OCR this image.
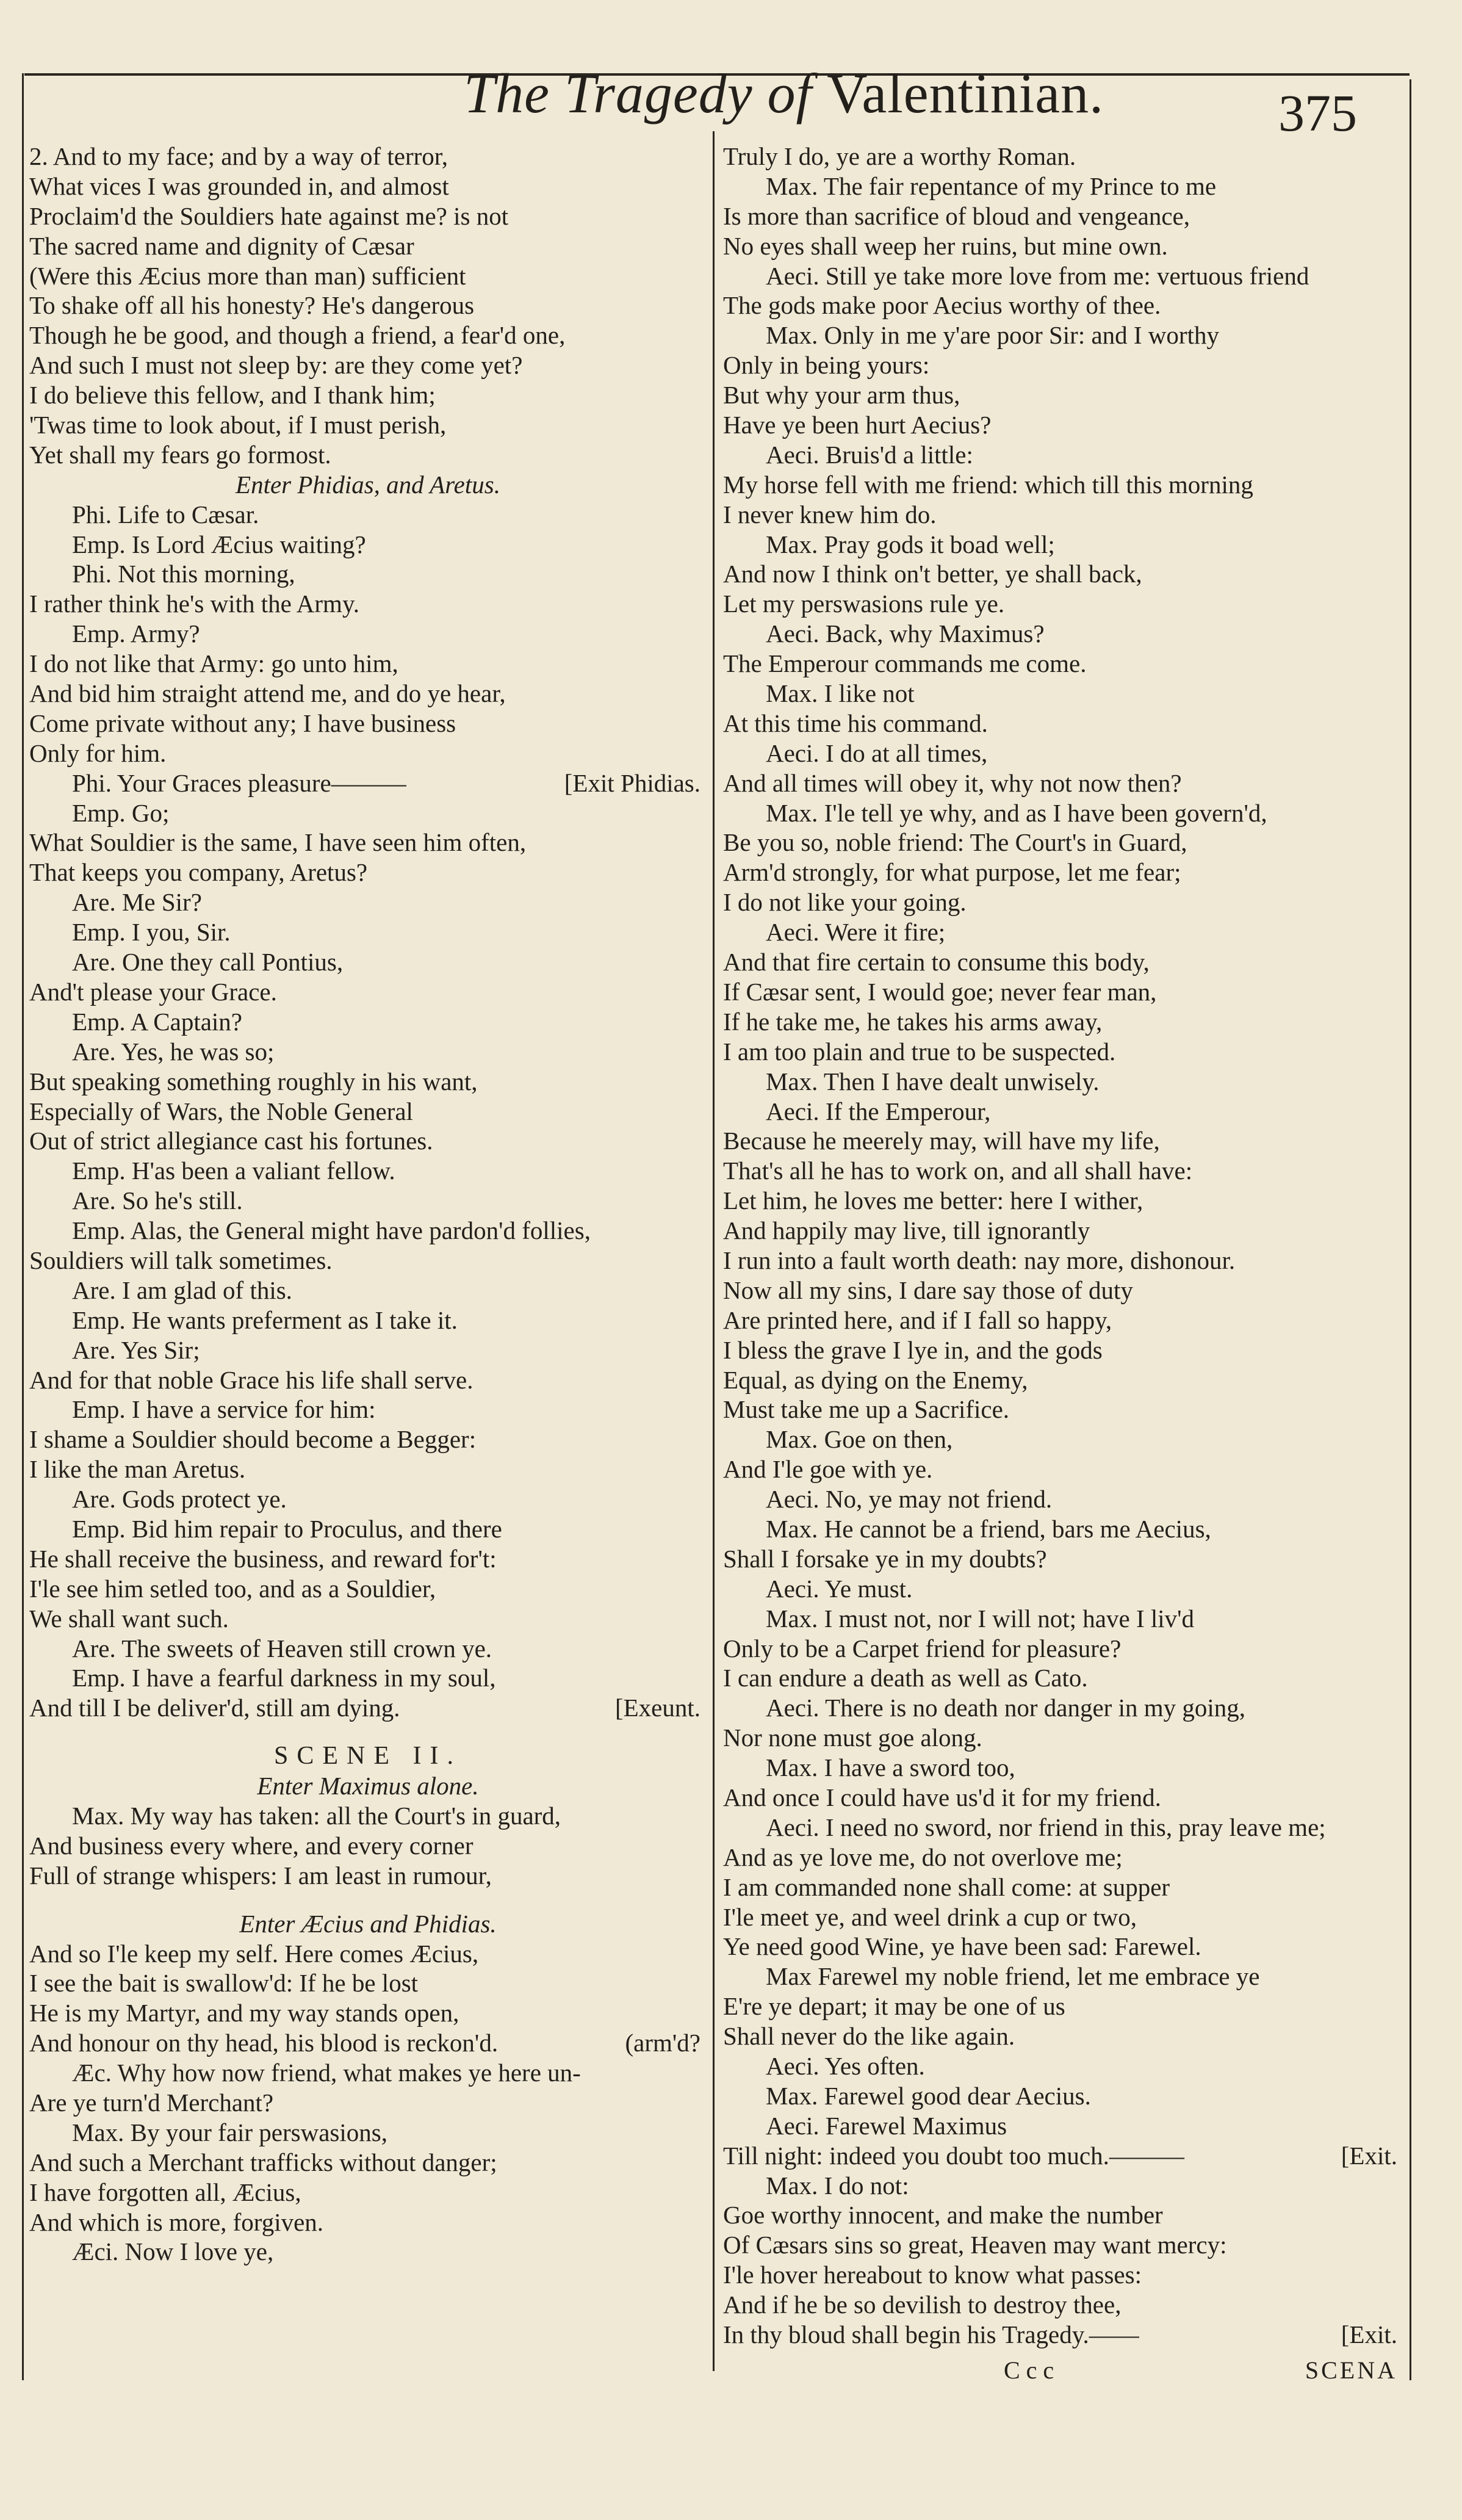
The Tragedy of Valentinian.	375
2. And to my face; and by a way of terror,
What vices I was grounded in, and almost
Proclaim'd the Souldiers hate against me? is not
The sacred name and dignity of Cæsar
(Were this Æcius more than man) sufficient
To shake off all his honesty? He's dangerous
Though he be good, and though a friend, a fear'd one,
And such I must not sleep by: are they come yet?
I do believe this fellow, and I thank him;
'Twas time to look about, if I must perish,
Yet shall my fears go formost.
Enter Phidias, and Aretus.
Phi. Life to Cæsar.
Emp. Is Lord Æcius waiting?
Phi. Not this morning,
I rather think he's with the Army.
Emp. Army?
I do not like that Army: go unto him,
And bid him straight attend me, and do ye hear,
Come private without any; I have business
Only for him.
Phi. Your Graces pleasure———	[Exit Phidias.
Emp. Go;
What Souldier is the same, I have seen him often,
That keeps you company, Aretus?
Are. Me Sir?
Emp. I you, Sir.
Are. One they call Pontius,
And't please your Grace.
Emp. A Captain?
Are. Yes, he was so;
But speaking something roughly in his want,
Especially of Wars, the Noble General
Out of strict allegiance cast his fortunes.
Emp. H'as been a valiant fellow.
Are. So he's still.
Emp. Alas, the General might have pardon'd follies,
Souldiers will talk sometimes.
Are. I am glad of this.
Emp. He wants preferment as I take it.
Are. Yes Sir;
And for that noble Grace his life shall serve.
Emp. I have a service for him:
I shame a Souldier should become a Begger:
I like the man Aretus.
Are. Gods protect ye.
Emp. Bid him repair to Proculus, and there
He shall receive the business, and reward for't:
I'le see him setled too, and as a Souldier,
We shall want such.
Are. The sweets of Heaven still crown ye.
Emp. I have a fearful darkness in my soul,
And till I be deliver'd, still am dying.	[Exeunt.
SCENE II.
Enter Maximus alone.
Max. My way has taken: all the Court's in guard,
And business every where, and every corner
Full of strange whispers: I am least in rumour,
Enter Æcius and Phidias.
And so I'le keep my self. Here comes Æcius,
I see the bait is swallow'd: If he be lost
He is my Martyr, and my way stands open,
And honour on thy head, his blood is reckon'd.	(arm'd?
Æc. Why how now friend, what makes ye here un-
Are ye turn'd Merchant?
Max. By your fair perswasions,
And such a Merchant trafficks without danger;
I have forgotten all, Æcius,
And which is more, forgiven.
Æci. Now I love ye,
Truly I do, ye are a worthy Roman.
Max. The fair repentance of my Prince to me
Is more than sacrifice of bloud and vengeance,
No eyes shall weep her ruins, but mine own.
Aeci. Still ye take more love from me: vertuous friend
The gods make poor Aecius worthy of thee.
Max. Only in me y'are poor Sir: and I worthy
Only in being yours:
But why your arm thus,
Have ye been hurt Aecius?
Aeci. Bruis'd a little:
My horse fell with me friend: which till this morning
I never knew him do.
Max. Pray gods it boad well;
And now I think on't better, ye shall back,
Let my perswasions rule ye.
Aeci. Back, why Maximus?
The Emperour commands me come.
Max. I like not
At this time his command.
Aeci. I do at all times,
And all times will obey it, why not now then?
Max. I'le tell ye why, and as I have been govern'd,
Be you so, noble friend: The Court's in Guard,
Arm'd strongly, for what purpose, let me fear;
I do not like your going.
Aeci. Were it fire;
And that fire certain to consume this body,
If Cæsar sent, I would goe; never fear man,
If he take me, he takes his arms away,
I am too plain and true to be suspected.
Max. Then I have dealt unwisely.
Aeci. If the Emperour,
Because he meerely may, will have my life,
That's all he has to work on, and all shall have:
Let him, he loves me better: here I wither,
And happily may live, till ignorantly
I run into a fault worth death: nay more, dishonour.
Now all my sins, I dare say those of duty
Are printed here, and if I fall so happy,
I bless the grave I lye in, and the gods
Equal, as dying on the Enemy,
Must take me up a Sacrifice.
Max. Goe on then,
And I'le goe with ye.
Aeci. No, ye may not friend.
Max. He cannot be a friend, bars me Aecius,
Shall I forsake ye in my doubts?
Aeci. Ye must.
Max. I must not, nor I will not; have I liv'd
Only to be a Carpet friend for pleasure?
I can endure a death as well as Cato.
Aeci. There is no death nor danger in my going,
Nor none must goe along.
Max. I have a sword too,
And once I could have us'd it for my friend.
Aeci. I need no sword, nor friend in this, pray leave me;
And as ye love me, do not overlove me;
I am commanded none shall come: at supper
I'le meet ye, and weel drink a cup or two,
Ye need good Wine, ye have been sad: Farewel.
Max Farewel my noble friend, let me embrace ye
E're ye depart; it may be one of us
Shall never do the like again.
Aeci. Yes often.
Max. Farewel good dear Aecius.
Aeci. Farewel Maximus
Till night: indeed you doubt too much.———	[Exit.
Max. I do not:
Goe worthy innocent, and make the number
Of Cæsars sins so great, Heaven may want mercy:
I'le hover hereabout to know what passes:
And if he be so devilish to destroy thee,
In thy bloud shall begin his Tragedy.——	[Exit.
Ccc	SCENA
